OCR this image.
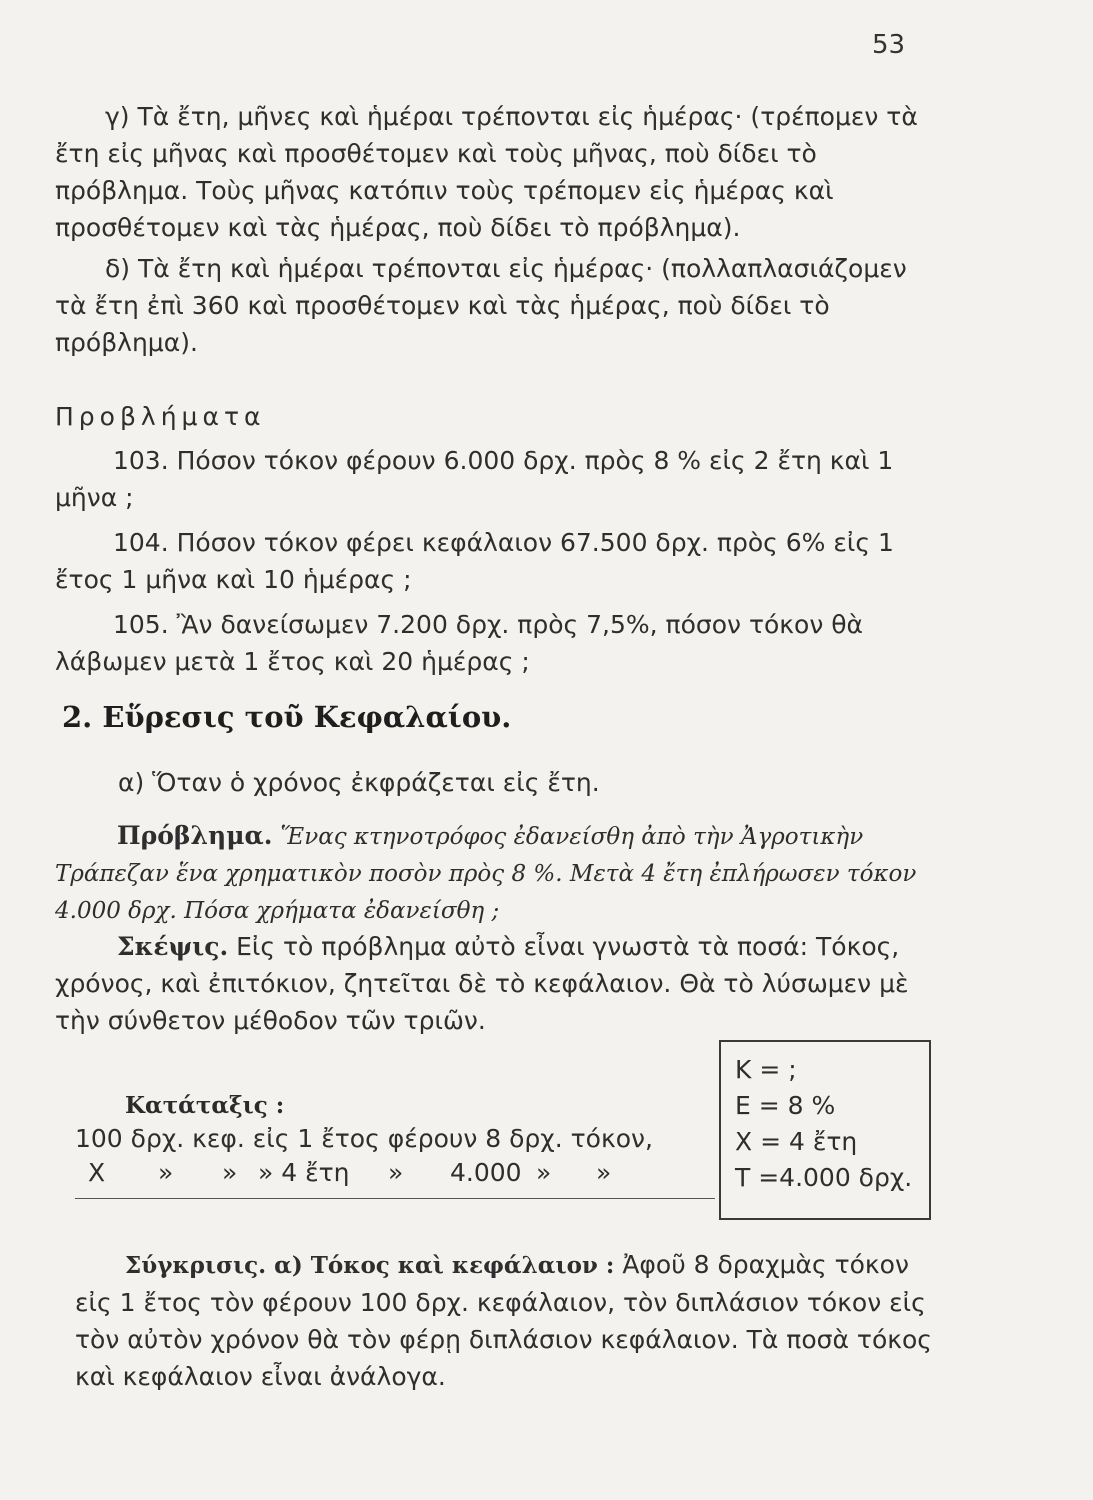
53
γ) Τὰ ἔτη, μῆνες καὶ ἡμέραι τρέπονται εἰς ἡμέρας· (τρέπομεν τὰ ἔτη εἰς μῆνας καὶ προσθέτομεν καὶ τοὺς μῆνας, ποὺ δίδει τὸ πρόβλημα. Τοὺς μῆνας κατόπιν τοὺς τρέπομεν εἰς ἡμέρας καὶ προσθέτομεν καὶ τὰς ἡμέρας, ποὺ δίδει τὸ πρόβλημα).
δ) Τὰ ἔτη καὶ ἡμέραι τρέπονται εἰς ἡμέρας· (πολλαπλασιάζομεν τὰ ἔτη ἐπὶ 360 καὶ προσθέτομεν καὶ τὰς ἡμέρας, ποὺ δίδει τὸ πρόβλημα).
Προβλήματα
103. Πόσον τόκον φέρουν 6.000 δρχ. πρὸς 8 % εἰς 2 ἔτη καὶ 1 μῆνα ;
104. Πόσον τόκον φέρει κεφάλαιον 67.500 δρχ. πρὸς 6% εἰς 1 ἔτος 1 μῆνα καὶ 10 ἡμέρας ;
105. Ἂν δανείσωμεν 7.200 δρχ. πρὸς 7,5%, πόσον τόκον θὰ λάβωμεν μετὰ 1 ἔτος καὶ 20 ἡμέρας ;
2. Εὕρεσις τοῦ Κεφαλαίου.
α) Ὅταν ὁ χρόνος ἐκφράζεται εἰς ἔτη.
Πρόβλημα. Ἕνας κτηνοτρόφος ἐδανείσθη ἀπὸ τὴν Ἀγροτικὴν Τράπεζαν ἕνα χρηματικὸν ποσὸν πρὸς 8 %. Μετὰ 4 ἔτη ἐπλήρωσεν τόκον 4.000 δρχ. Πόσα χρήματα ἐδανείσθη ;
Σκέψις. Εἰς τὸ πρόβλημα αὐτὸ εἶναι γνωστὰ τὰ ποσά: Τόκος, χρόνος, καὶ ἐπιτόκιον, ζητεῖται δὲ τὸ κεφάλαιον. Θὰ τὸ λύσωμεν μὲ τὴν σύνθετον μέθοδον τῶν τριῶν.
Κ = ;
Ε = 8 %
Χ = 4 ἔτη
Τ =4.000 δρχ.
Κατάταξις :
100 δρχ. κεφ. εἰς 1 ἔτος φέρουν 8 δρχ. τόκον,
Χ » » » 4 ἔτη » 4.000 » »
Σύγκρισις. α) Τόκος καὶ κεφάλαιον : Ἀφοῦ 8 δραχμὰς τόκον εἰς 1 ἔτος τὸν φέρουν 100 δρχ. κεφάλαιον, τὸν διπλάσιον τόκον εἰς τὸν αὐτὸν χρόνον θὰ τὸν φέρῃ διπλάσιον κεφάλαιον. Τὰ ποσὰ τόκος καὶ κεφάλαιον εἶναι ἀνάλογα.
